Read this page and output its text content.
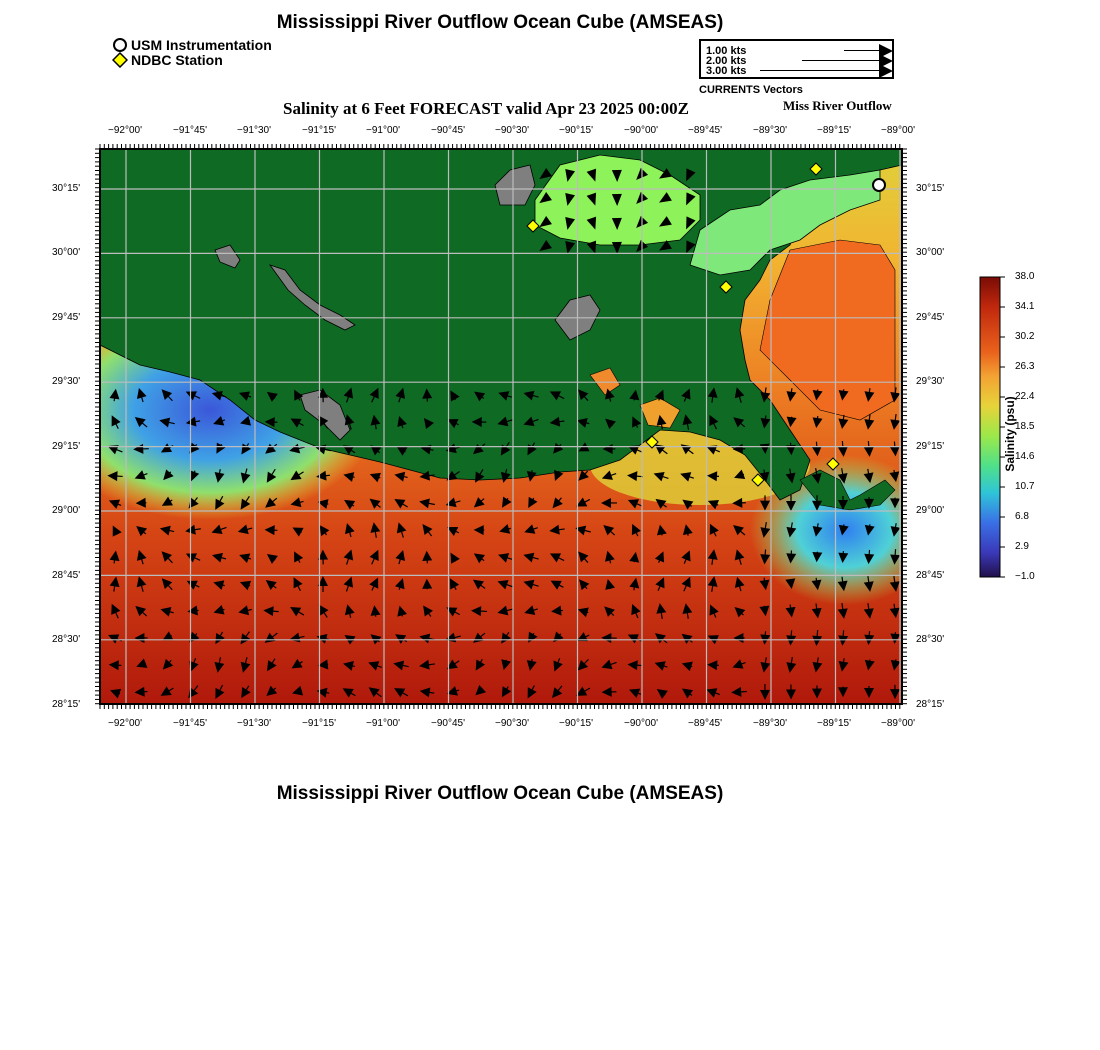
Mississippi River Outflow Ocean Cube (AMSEAS)
USM Instrumentation
NDBC Station
1.00 kts
2.00 kts
3.00 kts
CURRENTS Vectors
Salinity at 6 Feet FORECAST valid Apr 23 2025 00:00Z	Miss River Outflow
−92°00'	−91°45'	−91°30'	−91°15'	−91°00'	−90°45'	−90°30'	−90°15'	−90°00'	−89°45'	−89°30'	−89°15'	−89°00'
−92°00'	−91°45'	−91°30'	−91°15'	−91°00'	−90°45'	−90°30'	−90°15'	−90°00'	−89°45'	−89°30'	−89°15'	−89°00'
30°15'
30°00'
29°45'
29°30'
29°15'
29°00'
28°45'
28°30'
28°15'
30°15'
30°00'
29°45'
29°30'
29°15'
29°00'
28°45'
28°30'
28°15'
38.0
34.1
30.2
26.3
22.4
18.5
14.6
10.7
6.8
2.9
−1.0
Salinity (psu)
Mississippi River Outflow Ocean Cube (AMSEAS)
